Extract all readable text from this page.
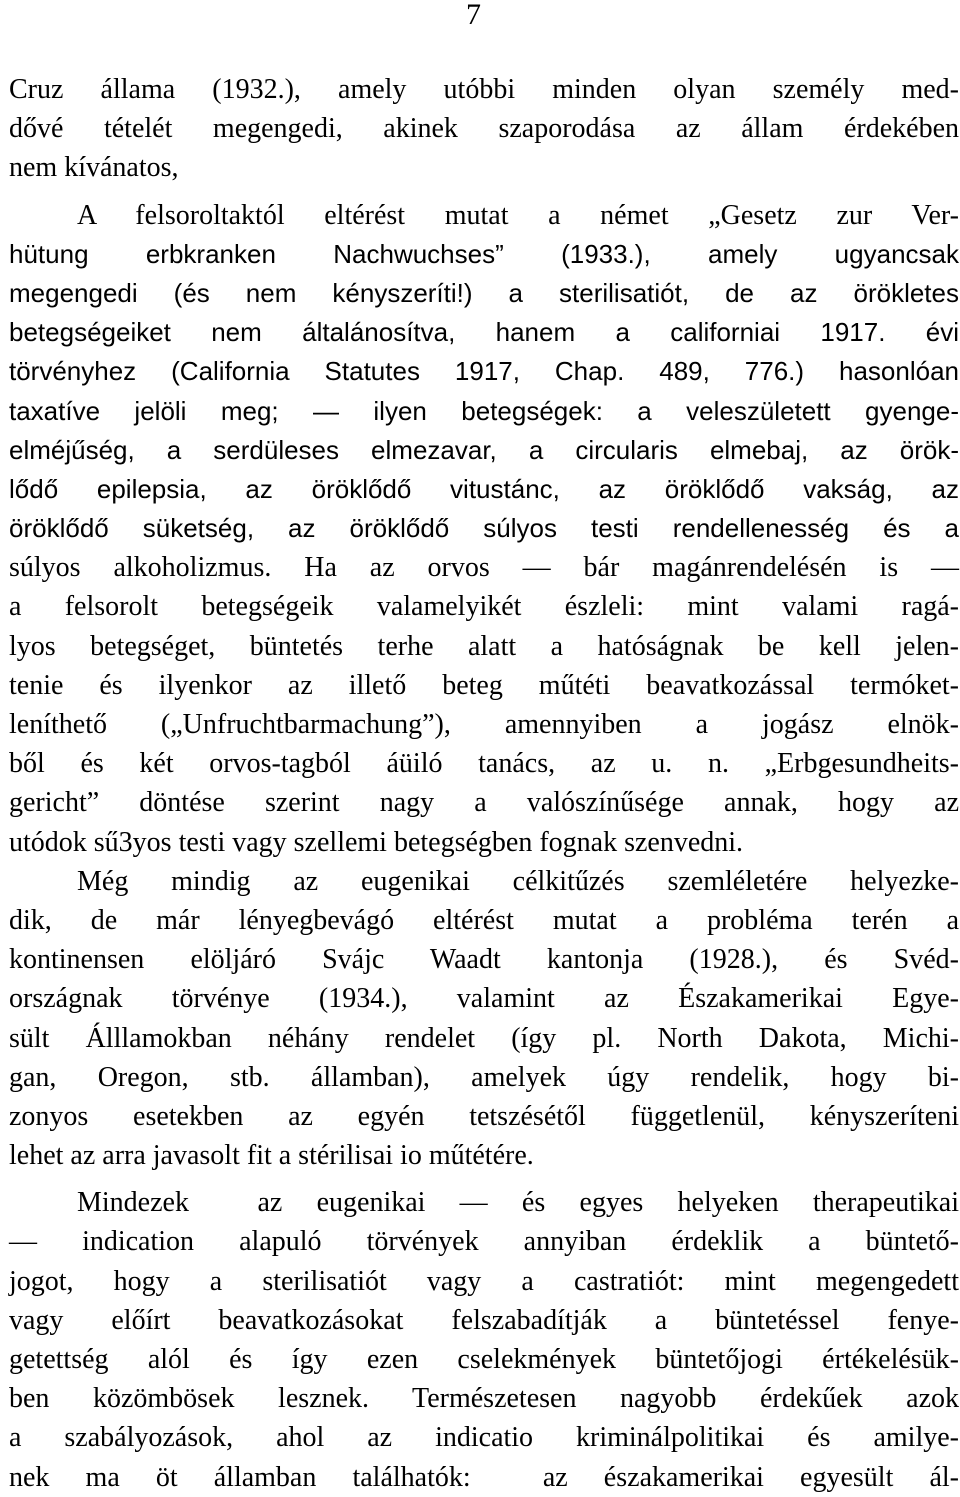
7
Cruz állama (1932.), amely utóbbi minden olyan személy med-
dővé tételét megengedi, akinek szaporodása az állam érdekében
nem kívánatos,
A felsoroltaktól eltérést mutat a német „Gesetz zur Ver-
hütung erbkranken Nachwuchses” (1933.), amely ugyancsak
megengedi (és nem kényszeríti!) a sterilisatiót, de az örökletes
betegségeiket nem általánosítva, hanem a californiai 1917. évi
törvényhez (California Statutes 1917, Chap. 489, 776.) hasonlóan
taxatíve jelöli meg; — ilyen betegségek: a veleszületett gyenge-
elméjűség, a serdüleses elmezavar, a circularis elmebaj, az örök-
lődő epilepsia, az öröklődő vitustánc, az öröklődő vakság, az
öröklődő süketség, az öröklődő súlyos testi rendellenesség és a
súlyos alkoholizmus. Ha az orvos — bár magánrendelésén is —
a felsorolt betegségeik valamelyikét észleli: mint valami ragá-
lyos betegséget, büntetés terhe alatt a hatóságnak be kell jelen-
tenie és ilyenkor az illető beteg műtéti beavatkozással termóket-
leníthető („Unfruchtbarmachung”), amennyiben a jogász elnök-
ből és két orvos-tagból áüiló tanács, az u. n. „Erbgesundheits-
gericht” döntése szerint nagy a valószínűsége annak, hogy az
utódok sű3yos testi vagy szellemi betegségben fognak szenvedni.
Még mindig az eugenikai célkitűzés szemléletére helyezke-
dik, de már lényegbevágó eltérést mutat a probléma terén a
kontinensen elöljáró Svájc Waadt kantonja (1928.), és Svéd-
országnak törvénye (1934.), valamint az Északamerikai Egye-
sült Álllamokban néhány rendelet (így pl. North Dakota, Michi-
gan, Oregon, stb. államban), amelyek úgy rendelik, hogy bi-
zonyos esetekben az egyén tetszésétől függetlenül, kényszeríteni
lehet az arra javasolt fit a stérilisai io műtétére.
Mindezek  az eugenikai — és egyes helyeken therapeutikai
— indication alapuló törvények annyiban érdeklik a büntető-
jogot, hogy a sterilisatiót vagy a castratiót: mint megengedett
vagy előírt beavatkozásokat felszabadítják a büntetéssel fenye-
getettség alól és így ezen cselekmények büntetőjogi értékelésük-
ben közömbösek lesznek. Természetesen nagyobb érdekűek azok
a szabályozások, ahol az indicatio kriminálpolitikai és amilye-
nek ma öt államban találhatók:  az északamerikai egyesült ál-
